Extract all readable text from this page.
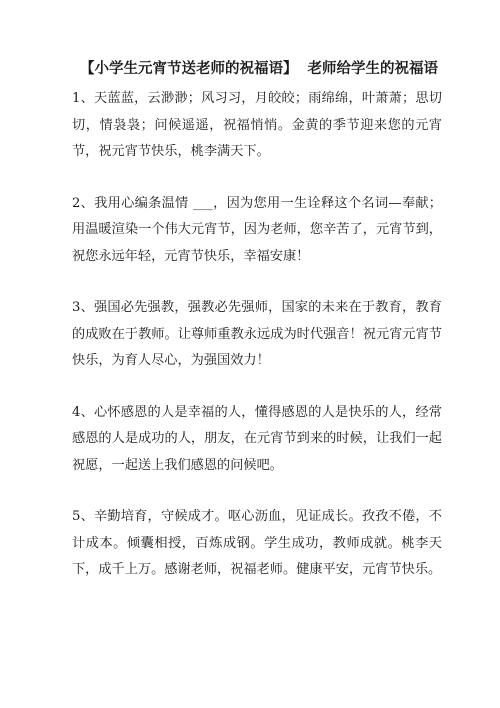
【小学生元宵节送老师的祝福语】 老师给学生的祝福语

1、天蓝蓝，云渺渺；风习习，月皎皎；雨绵绵，叶萧萧；思切切，情袅袅；问候遥遥，祝福悄悄。金黄的季节迎来您的元宵节，祝元宵节快乐，桃李满天下。

2、我用心编条温情 ___，因为您用一生诠释这个名词—奉献；用温暖渲染一个伟大元宵节，因为老师，您辛苦了，元宵节到，祝您永远年轻，元宵节快乐，幸福安康！

3、强国必先强教，强教必先强师，国家的未来在于教育，教育的成败在于教师。让尊师重教永远成为时代强音！祝元宵元宵节快乐，为育人尽心，为强国效力！

4、心怀感恩的人是幸福的人，懂得感恩的人是快乐的人，经常感恩的人是成功的人，朋友，在元宵节到来的时候，让我们一起祝愿，一起送上我们感恩的问候吧。

5、辛勤培育，守候成才。呕心沥血，见证成长。孜孜不倦，不计成本。倾囊相授，百炼成钢。学生成功，教师成就。桃李天下，成千上万。感谢老师，祝福老师。健康平安，元宵节快乐。
